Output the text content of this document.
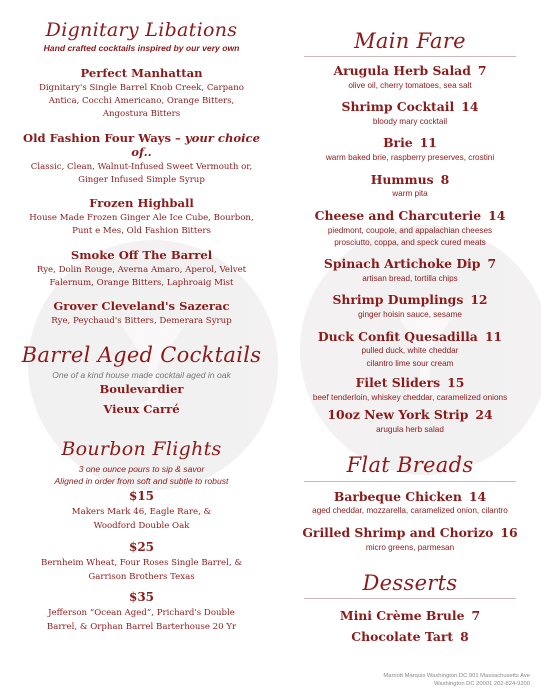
Dignitary Libations
Hand crafted cocktails inspired by our very own
Perfect Manhattan
Dignitary's Single Barrel Knob Creek, Carpano
Antica, Cocchi Americano, Orange Bitters,
Angostura Bitters
Old Fashion Four Ways – your choice of..
Classic, Clean, Walnut-Infused Sweet Vermouth or,
Ginger Infused Simple Syrup
Frozen Highball
House Made Frozen Ginger Ale Ice Cube, Bourbon,
Punt e Mes, Old Fashion Bitters
Smoke Off The Barrel
Rye, Dolin Rouge, Averna Amaro, Aperol, Velvet
Falernum, Orange Bitters, Laphroaig Mist
Grover Cleveland's Sazerac
Rye, Peychaud's Bitters, Demerara Syrup
Barrel Aged Cocktails
One of a kind house made cocktail aged in oak
Boulevardier
Vieux Carré
Bourbon Flights
3 one ounce pours to sip & savor
Aligned in order from soft and subtle to robust
$15
Makers Mark 46, Eagle Rare, &
Woodford Double Oak
$25
Bernheim Wheat, Four Roses Single Barrel, &
Garrison Brothers Texas
$35
Jefferson “Ocean Aged”, Prichard's Double
Barrel, & Orphan Barrel Barterhouse 20 Yr
Main Fare
Arugula Herb Salad 7
olive oil, cherry tomatoes, sea salt
Shrimp Cocktail 14
bloody mary cocktail
Brie 11
warm baked brie, raspberry preserves, crostini
Hummus 8
warm pita
Cheese and Charcuterie 14
piedmont, coupole, and appalachian cheeses
prosciutto, coppa, and speck cured meats
Spinach Artichoke Dip 7
artisan bread, tortilla chips
Shrimp Dumplings 12
ginger hoisin sauce, sesame
Duck Confit Quesadilla 11
pulled duck, white cheddar
cilantro lime sour cream
Filet Sliders 15
beef tenderloin, whiskey cheddar, caramelized onions
10oz New York Strip 24
arugula herb salad
Flat Breads
Barbeque Chicken 14
aged cheddar, mozzarella, caramelized onion, cilantro
Grilled Shrimp and Chorizo 16
micro greens, parmesan
Desserts
Mini Crème Brule 7
Chocolate Tart 8
Marriott Marquis Washington DC 901 Massachusetts Ave
Washington DC 20001 202-824-9200
